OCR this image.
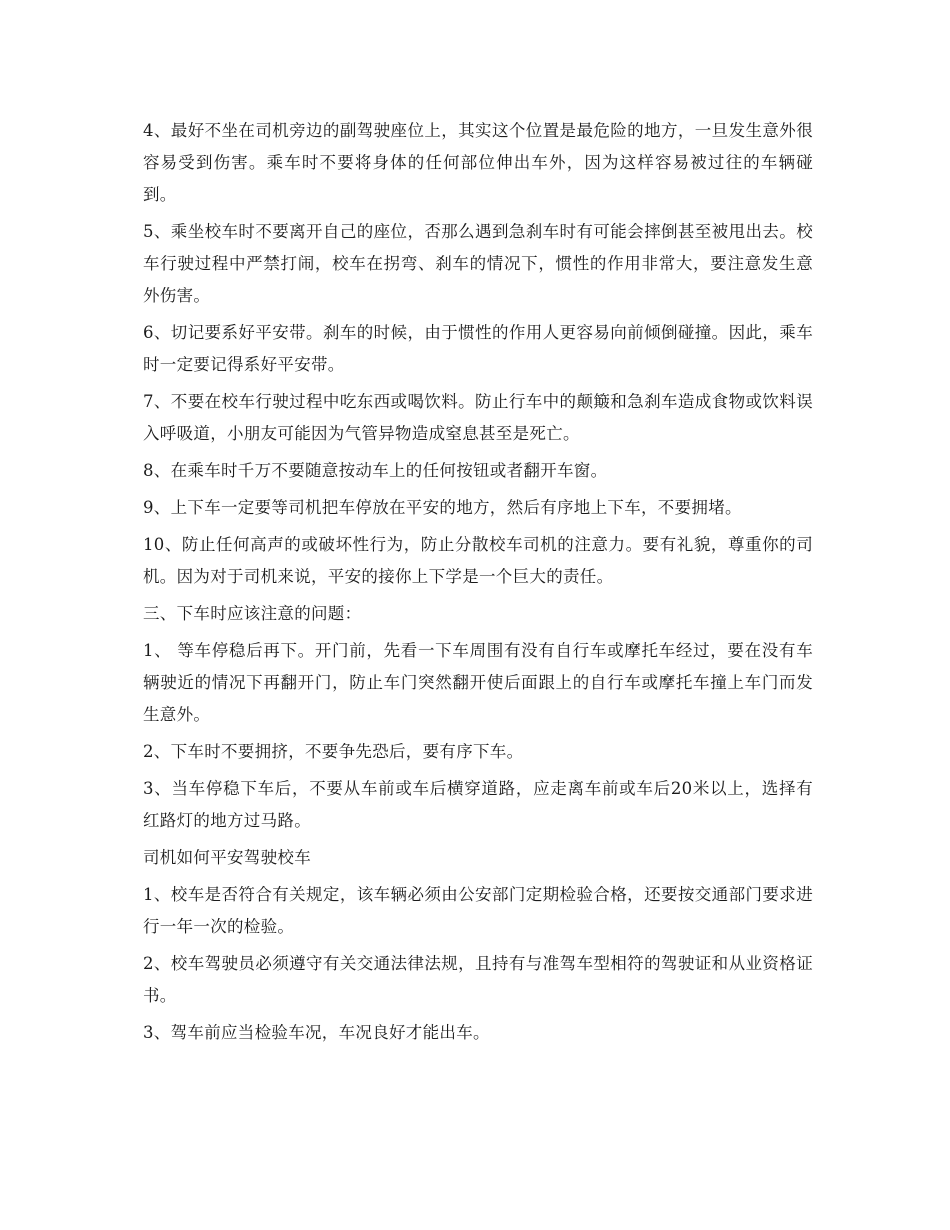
4、最好不坐在司机旁边的副驾驶座位上，其实这个位置是最危险的地方，一旦发生意外很容易受到伤害。乘车时不要将身体的任何部位伸出车外，因为这样容易被过往的车辆碰到。

5、乘坐校车时不要离开自己的座位，否那么遇到急刹车时有可能会摔倒甚至被甩出去。校车行驶过程中严禁打闹，校车在拐弯、刹车的情况下，惯性的作用非常大，要注意发生意外伤害。

6、切记要系好平安带。刹车的时候，由于惯性的作用人更容易向前倾倒碰撞。因此，乘车时一定要记得系好平安带。

7、不要在校车行驶过程中吃东西或喝饮料。防止行车中的颠簸和急刹车造成食物或饮料误入呼吸道，小朋友可能因为气管异物造成窒息甚至是死亡。

8、在乘车时千万不要随意按动车上的任何按钮或者翻开车窗。

9、上下车一定要等司机把车停放在平安的地方，然后有序地上下车，不要拥堵。

10、防止任何高声的或破坏性行为，防止分散校车司机的注意力。要有礼貌，尊重你的司机。因为对于司机来说，平安的接你上下学是一个巨大的责任。

三、下车时应该注意的问题：

1、 等车停稳后再下。开门前，先看一下车周围有没有自行车或摩托车经过，要在没有车辆驶近的情况下再翻开门，防止车门突然翻开使后面跟上的自行车或摩托车撞上车门而发生意外。

2、下车时不要拥挤，不要争先恐后，要有序下车。

3、当车停稳下车后，不要从车前或车后横穿道路，应走离车前或车后20米以上，选择有红路灯的地方过马路。

司机如何平安驾驶校车

1、校车是否符合有关规定，该车辆必须由公安部门定期检验合格，还要按交通部门要求进行一年一次的检验。

2、校车驾驶员必须遵守有关交通法律法规，且持有与准驾车型相符的驾驶证和从业资格证书。

3、驾车前应当检验车况，车况良好才能出车。
